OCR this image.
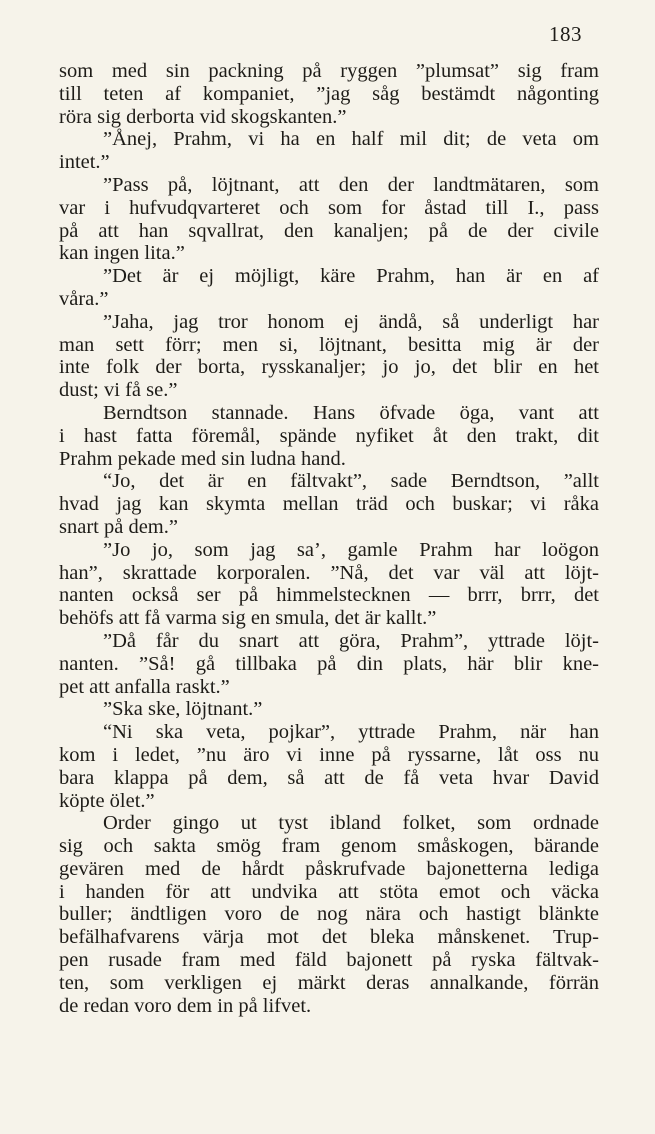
183
som med sin packning på ryggen ”plumsat” sig fram
till teten af kompaniet, ”jag såg bestämdt någonting
röra sig derborta vid skogskanten.”
”Ånej, Prahm, vi ha en half mil dit; de veta om
intet.”
”Pass på, löjtnant, att den der landtmätaren, som
var i hufvudqvarteret och som for åstad till I., pass
på att han sqvallrat, den kanaljen; på de der civile
kan ingen lita.”
”Det är ej möjligt, käre Prahm, han är en af
våra.”
”Jaha, jag tror honom ej ändå, så underligt har
man sett förr; men si, löjtnant, besitta mig är der
inte folk der borta, rysskanaljer; jo jo, det blir en het
dust; vi få se.”
Berndtson stannade. Hans öfvade öga, vant att
i hast fatta föremål, spände nyfiket åt den trakt, dit
Prahm pekade med sin ludna hand.
“Jo, det är en fältvakt”, sade Berndtson, ”allt
hvad jag kan skymta mellan träd och buskar; vi råka
snart på dem.”
”Jo jo, som jag sa’, gamle Prahm har loögon
han”, skrattade korporalen. ”Nå, det var väl att löjt-
nanten också ser på himmelstecknen — brrr, brrr, det
behöfs att få varma sig en smula, det är kallt.”
”Då får du snart att göra, Prahm”, yttrade löjt-
nanten. ”Så! gå tillbaka på din plats, här blir kne-
pet att anfalla raskt.”
”Ska ske, löjtnant.”
“Ni ska veta, pojkar”, yttrade Prahm, när han
kom i ledet, ”nu äro vi inne på ryssarne, låt oss nu
bara klappa på dem, så att de få veta hvar David
köpte ölet.”
Order gingo ut tyst ibland folket, som ordnade
sig och sakta smög fram genom småskogen, bärande
gevären med de hårdt påskrufvade bajonetterna lediga
i handen för att undvika att stöta emot och väcka
buller; ändtligen voro de nog nära och hastigt blänkte
befälhafvarens värja mot det bleka månskenet. Trup-
pen rusade fram med fäld bajonett på ryska fältvak-
ten, som verkligen ej märkt deras annalkande, förrän
de redan voro dem in på lifvet.
